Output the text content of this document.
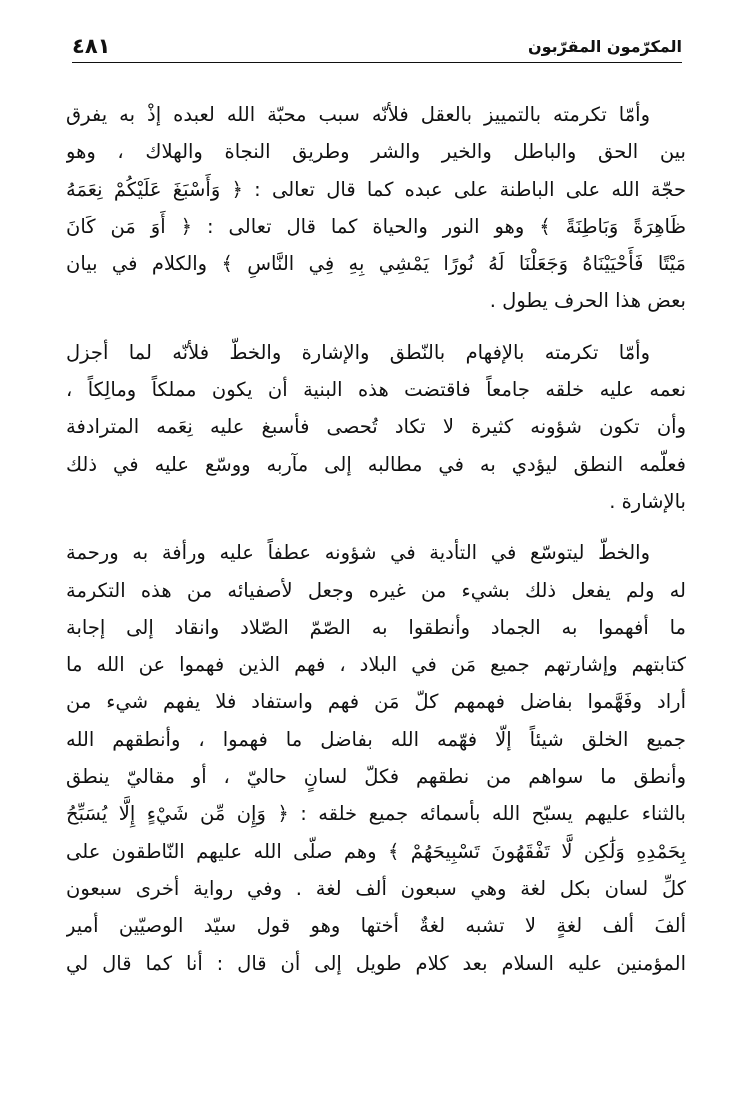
المكرّمون المقرّبون
٤٨١
وأمّا تكرمته بالتمييز بالعقل فلأنّه سبب محبّة الله لعبده إذْ به يفرق
بين الحق والباطل والخير والشر وطريق النجاة والهلاك ، وهو
حجّة الله على الباطنة على عبده كما قال تعالى : ﴿ وَأَسْبَغَ عَلَيْكُمْ نِعَمَهُ
ظَاهِرَةً وَبَاطِنَةً ﴾ وهو النور والحياة كما قال تعالى : ﴿ أَوَ مَن كَانَ
مَيْتًا فَأَحْيَيْنَاهُ وَجَعَلْنَا لَهُ نُورًا يَمْشِي بِهِ فِي النَّاسِ ﴾ والكلام في بيان
بعض هذا الحرف يطول .
وأمّا تكرمته بالإفهام بالنّطق والإشارة والخطّ فلأنّه لما أجزل
نعمه عليه خلقه جامعاً فاقتضت هذه البنية أن يكون مملكاً ومالِكاً ،
وأن تكون شؤونه كثيرة لا تكاد تُحصى فأسبغ عليه نِعَمه المترادفة
فعلّمه النطق ليؤدي به في مطالبه إلى مآربه ووسّع عليه في ذلك
بالإشارة .
والخطّ ليتوسّع في التأدية في شؤونه عطفاً عليه ورأفة به ورحمة
له ولم يفعل ذلك بشيء من غيره وجعل لأصفيائه من هذه التكرمة
ما أفهموا به الجماد وأنطقوا به الصّمّ الصّلاد وانقاد إلى إجابة
كتابتهم وإشارتهم جميع مَن في البلاد ، فهم الذين فهموا عن الله ما
أراد وفَهَّموا بفاضل فهمهم كلّ مَن فهم واستفاد فلا يفهم شيء من
جميع الخلق شيئاً إلّا فهّمه الله بفاضل ما فهموا ، وأنطقهم الله
وأنطق ما سواهم من نطقهم فكلّ لسانٍ حاليّ ، أو مقاليّ ينطق
بالثناء عليهم يسبّح الله بأسمائه جميع خلقه : ﴿ وَإِن مِّن شَيْءٍ إِلَّا يُسَبِّحُ
بِحَمْدِهِ وَلَٰكِن لَّا تَفْقَهُونَ تَسْبِيحَهُمْ ﴾ وهم صلّى الله عليهم النّاطقون على
كلِّ لسان بكل لغة وهي سبعون ألف لغة . وفي رواية أخرى سبعون
ألفَ ألف لغةٍ لا تشبه لغةٌ أختها وهو قول سيّد الوصيّين أمير
المؤمنين عليه السلام بعد كلام طويل إلى أن قال : أنا كما قال لي
